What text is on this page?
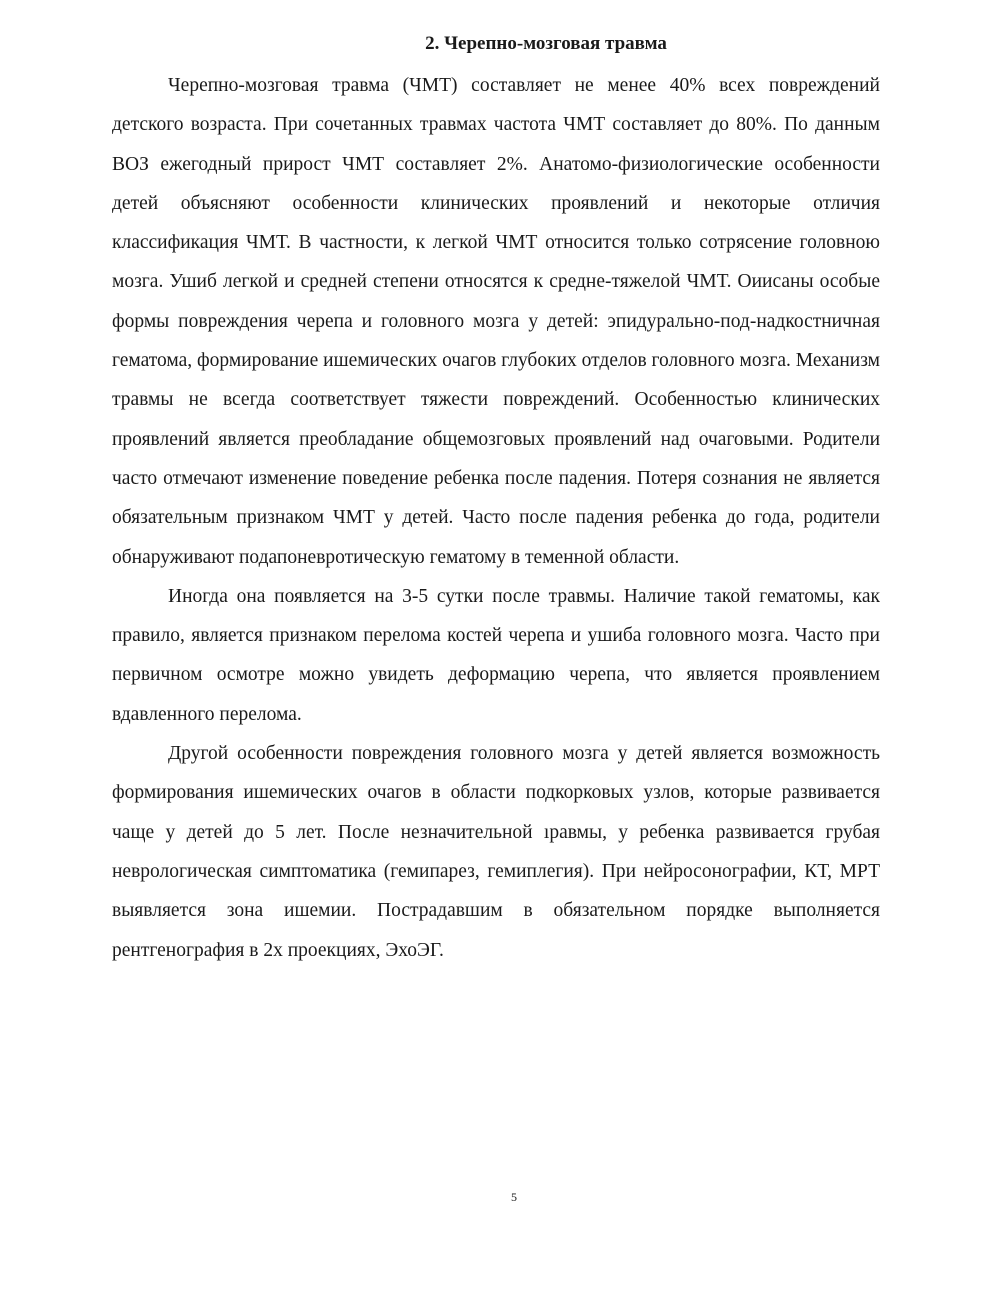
2. Черепно-мозговая травма

Черепно-мозговая травма (ЧМТ) составляет не менее 40% всех повреждений детского возраста. При сочетанных травмах частота ЧМТ составляет до 80%. По данным ВОЗ ежегодный прирост ЧМТ составляет 2%. Анатомо-физиологические особенности детей объясняют особенности клинических проявлений и некоторые отличия классификация ЧМТ. В частности, к легкой ЧМТ относится только сотрясение головною мозга. Ушиб легкой и средней степени относятся к средне-тяжелой ЧМТ. Оиисаны особые формы повреждения черепа и головного мозга у детей: эпидурально-под-надкостничная гематома, формирование ишемических очагов глубоких отделов головного мозга. Механизм травмы не всегда соответствует тяжести повреждений. Особенностью клинических проявлений является преобладание общемозговых проявлений над очаговыми. Родители часто отмечают изменение поведение ребенка после падения. Потеря сознания не является обязательным признаком ЧМТ у детей. Часто после падения ребенка до года, родители обнаруживают подапоневротическую гематому в теменной области.

Иногда она появляется на 3-5 сутки после травмы. Наличие такой гематомы, как правило, является признаком перелома костей черепа и ушиба головного мозга. Часто при первичном осмотре можно увидеть деформацию черепа, что является проявлением вдавленного перелома.

Другой особенности повреждения головного мозга у детей является возможность формирования ишемических очагов в области подкорковых узлов, которые развивается чаще у детей до 5 лет. После незначительной ıравмы, у ребенка развивается грубая неврологическая симптоматика (гемипарез, гемиплегия). При нейросонографии, КТ, МРТ выявляется зона ишемии. Пострадавшим в обязательном порядке выполняется рентгенография в 2х проекциях, ЭхоЭГ.

5
